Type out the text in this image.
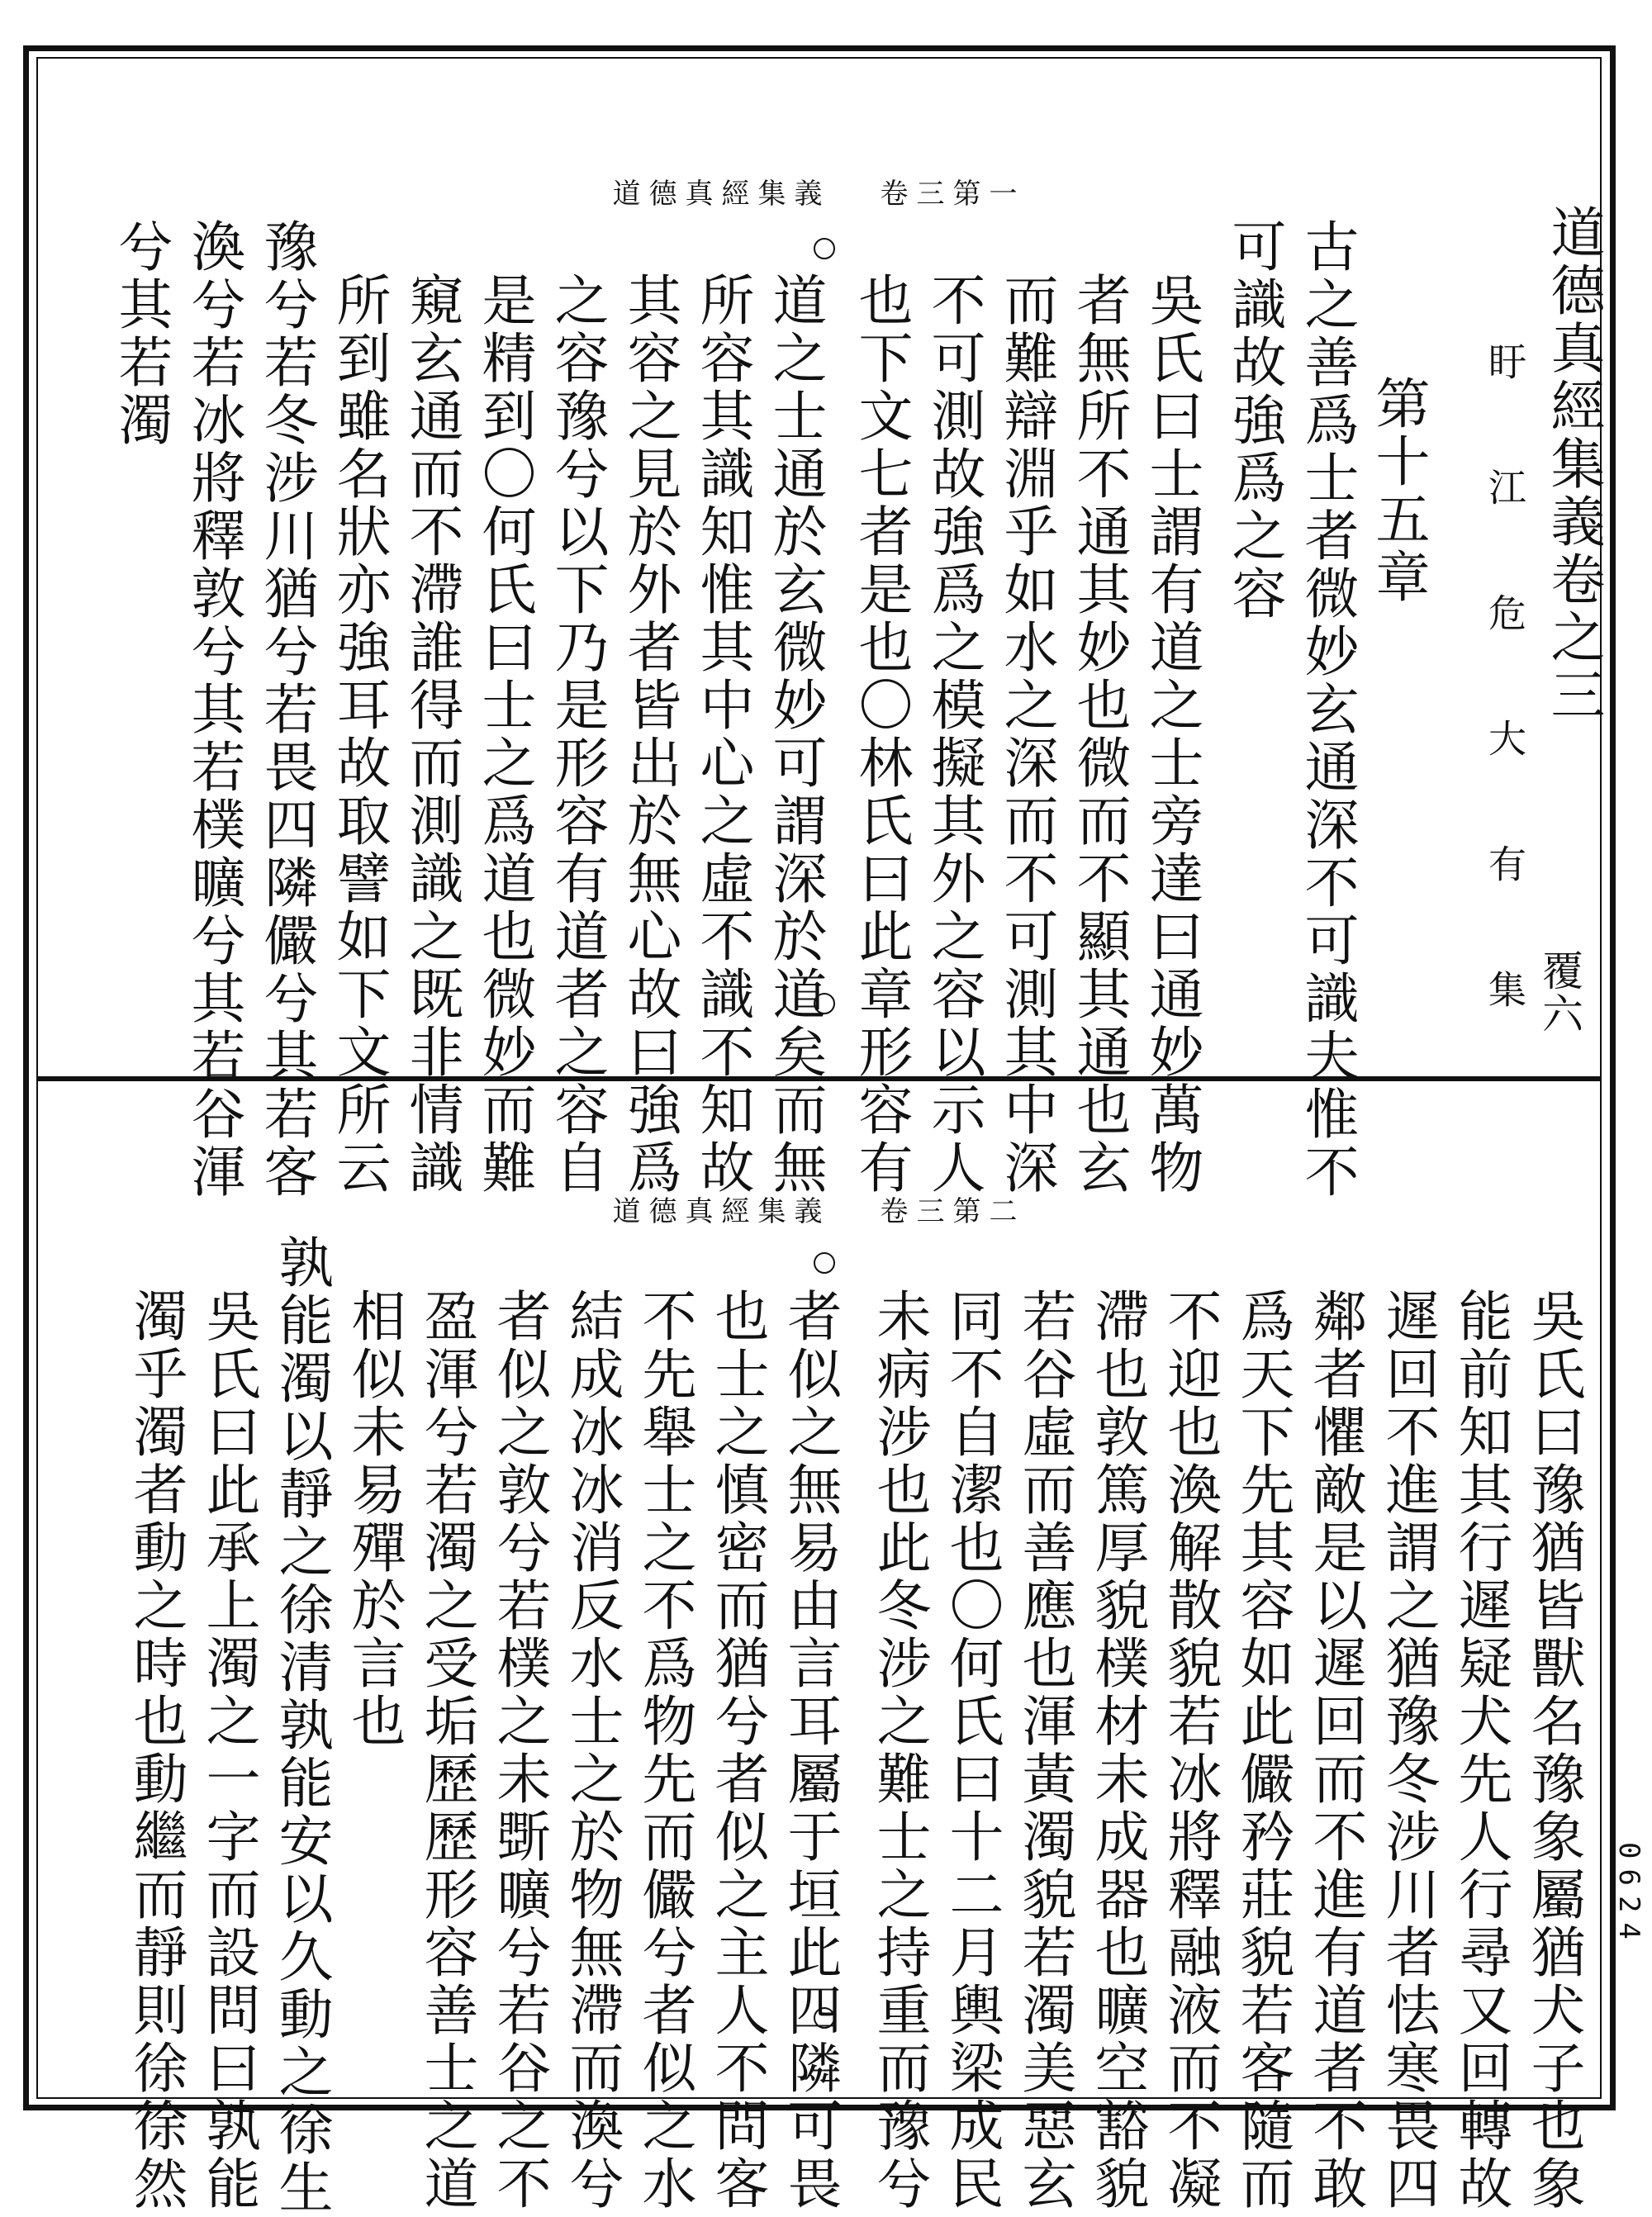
道德真經集義 卷三第一
覆六
道德真經集義卷之三
盱　江　危　大　有　集
第十五章
古之善爲士者微妙玄通深不可識夫惟不
可識故強爲之容
吳氏曰士謂有道之士旁達曰通妙萬物
者無所不通其妙也微而不顯其通也玄
而難辯淵乎如水之深而不可測其中深
不可測故強爲之模擬其外之容以示人
也下文七者是也〇林氏曰此章形容有
道之士通於玄微妙可謂深於道矣而無
所容其識知惟其中心之虛不識不知故
其容之見於外者皆出於無心故曰強爲
之容豫兮以下乃是形容有道者之容自
是精到〇何氏曰士之爲道也微妙而難
窺玄通而不滯誰得而測識之既非情識
所到雖名狀亦強耳故取譬如下文所云
豫兮若冬涉川猶兮若畏四隣儼兮其若客
渙兮若冰將釋敦兮其若樸曠兮其若谷渾
兮其若濁
道德真經集義 卷三第二
吳氏曰豫猶皆獸名豫象屬猶犬子也象
能前知其行遲疑犬先人行尋又回轉故
遲回不進謂之猶豫冬涉川者怯寒畏四
鄰者懼敵是以遲回而不進有道者不敢
爲天下先其容如此儼矜莊貌若客隨而
不迎也渙解散貌若冰將釋融液而不凝
滯也敦篤厚貌樸材未成器也曠空豁貌
若谷虛而善應也渾黃濁貌若濁美惡玄
同不自潔也〇何氏曰十二月輿梁成民
未病涉也此冬涉之難士之持重而豫兮
者似之無易由言耳屬于垣此四隣可畏
也士之慎密而猶兮者似之主人不問客
不先舉士之不爲物先而儼兮者似之水
結成冰冰消反水士之於物無滯而渙兮
者似之敦兮若樸之未斲曠兮若谷之不
盈渾兮若濁之受垢歷歷形容善士之道
相似未易殫於言也
孰能濁以靜之徐清孰能安以久動之徐生
吳氏曰此承上濁之一字而設問曰孰能
濁乎濁者動之時也動繼而靜則徐徐然	0624
